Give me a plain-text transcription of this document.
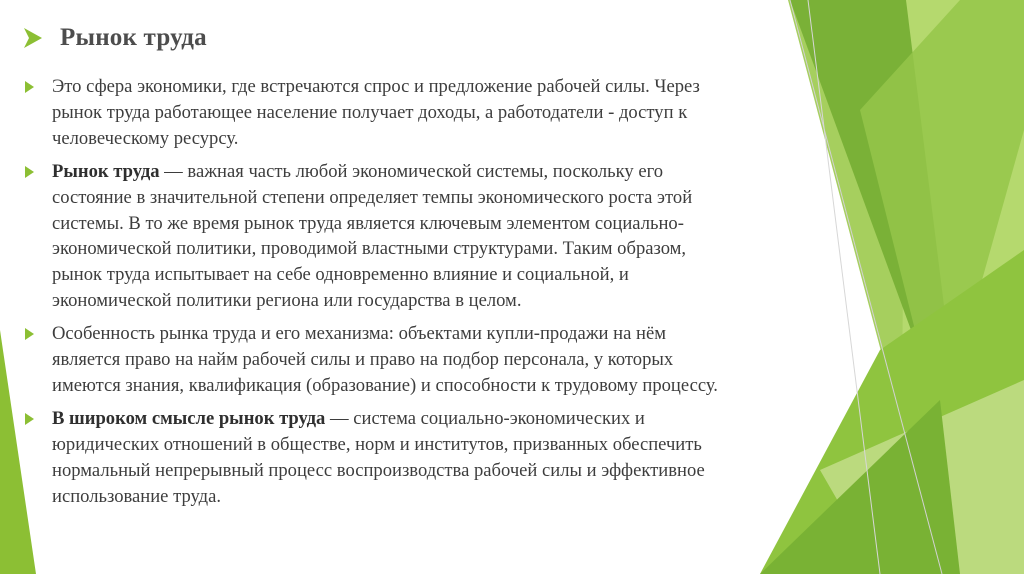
Рынок труда
Это сфера экономики, где встречаются спрос и предложение рабочей силы. Через рынок труда работающее население получает доходы, а работодатели - доступ к человеческому ресурсу.
Рынок труда — важная часть любой экономической системы, поскольку его состояние в значительной степени определяет темпы экономического роста этой системы. В то же время рынок труда является ключевым элементом социально-экономической политики, проводимой властными структурами. Таким образом, рынок труда испытывает на себе одновременно влияние и социальной, и экономической политики региона или государства в целом.
Особенность рынка труда и его механизма: объектами купли-продажи на нём является право на найм рабочей силы и право на подбор персонала, у которых имеются знания, квалификация (образование) и способности к трудовому процессу.
В широком смысле рынок труда — система социально-экономических и юридических отношений в обществе, норм и институтов, призванных обеспечить нормальный непрерывный процесс воспроизводства рабочей силы и эффективное использование труда.
